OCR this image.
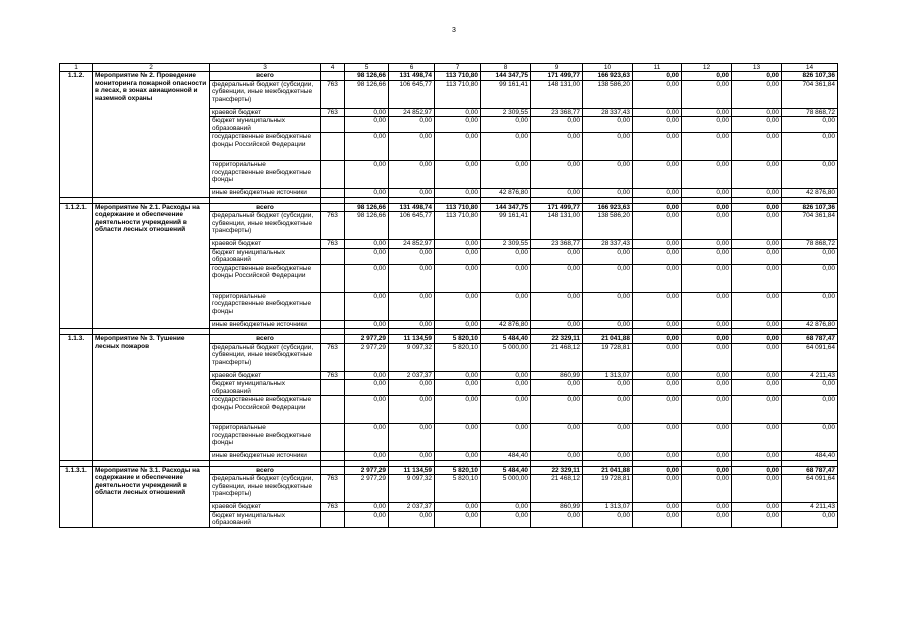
3
1	2	3	4	5	6	7	8	9	10	11	12	13	14
1.1.2.	Мероприятие № 2. Проведение мониторинга пожарной опасности в лесах, в зонах авиационной и наземной охраны	всего		98 126,66	131 498,74	113 710,80	144 347,75	171 499,77	166 923,63	0,00	0,00	0,00	826 107,36
		федеральный бюджет (субсидии, субвенции, иные межбюджетные трансферты)	763	98 126,66	106 645,77	113 710,80	99 161,41	148 131,00	138 586,20	0,00	0,00	0,00	704 361,84
		краевой бюджет	763	0,00	24 852,97	0,00	2 309,55	23 368,77	28 337,43	0,00	0,00	0,00	78 868,72
		бюджет муниципальных образований		0,00	0,00	0,00	0,00	0,00	0,00	0,00	0,00	0,00	0,00
		государственные внебюджетные фонды Российской Федерации		0,00	0,00	0,00	0,00	0,00	0,00	0,00	0,00	0,00	0,00
		территориальные государственные внебюджетные фонды		0,00	0,00	0,00	0,00	0,00	0,00	0,00	0,00	0,00	0,00
		иные внебюджетные источники		0,00	0,00	0,00	42 876,80	0,00	0,00	0,00	0,00	0,00	42 876,80

1.1.2.1.	Мероприятие № 2.1. Расходы на содержание и обеспечение деятельности учреждений в области лесных отношений	всего		98 126,66	131 498,74	113 710,80	144 347,75	171 499,77	166 923,63	0,00	0,00	0,00	826 107,36
		федеральный бюджет (субсидии, субвенции, иные межбюджетные трансферты)	763	98 126,66	106 645,77	113 710,80	99 161,41	148 131,00	138 586,20	0,00	0,00	0,00	704 361,84
		краевой бюджет	763	0,00	24 852,97	0,00	2 309,55	23 368,77	28 337,43	0,00	0,00	0,00	78 868,72
		бюджет муниципальных образований		0,00	0,00	0,00	0,00	0,00	0,00	0,00	0,00	0,00	0,00
		государственные внебюджетные фонды Российской Федерации		0,00	0,00	0,00	0,00	0,00	0,00	0,00	0,00	0,00	0,00
		территориальные государственные внебюджетные фонды		0,00	0,00	0,00	0,00	0,00	0,00	0,00	0,00	0,00	0,00
		иные внебюджетные источники		0,00	0,00	0,00	42 876,80	0,00	0,00	0,00	0,00	0,00	42 876,80

1.1.3.	Мероприятие № 3. Тушение лесных пожаров	всего		2 977,29	11 134,59	5 820,10	5 484,40	22 329,11	21 041,88	0,00	0,00	0,00	68 787,47
		федеральный бюджет (субсидии, субвенции, иные межбюджетные трансферты)	763	2 977,29	9 097,32	5 820,10	5 000,00	21 468,12	19 728,81	0,00	0,00	0,00	64 091,64
		краевой бюджет	763	0,00	2 037,37	0,00	0,00	860,99	1 313,07	0,00	0,00	0,00	4 211,43
		бюджет муниципальных образований		0,00	0,00	0,00	0,00	0,00	0,00	0,00	0,00	0,00	0,00
		государственные внебюджетные фонды Российской Федерации		0,00	0,00	0,00	0,00	0,00	0,00	0,00	0,00	0,00	0,00
		территориальные государственные внебюджетные фонды		0,00	0,00	0,00	0,00	0,00	0,00	0,00	0,00	0,00	0,00
		иные внебюджетные источники		0,00	0,00	0,00	484,40	0,00	0,00	0,00	0,00	0,00	484,40

1.1.3.1.	Мероприятие № 3.1. Расходы на содержание и обеспечение деятельности учреждений в области лесных отношений	всего		2 977,29	11 134,59	5 820,10	5 484,40	22 329,11	21 041,88	0,00	0,00	0,00	68 787,47
		федеральный бюджет (субсидии, субвенции, иные межбюджетные трансферты)	763	2 977,29	9 097,32	5 820,10	5 000,00	21 468,12	19 728,81	0,00	0,00	0,00	64 091,64
		краевой бюджет	763	0,00	2 037,37	0,00	0,00	860,99	1 313,07	0,00	0,00	0,00	4 211,43
		бюджет муниципальных образований		0,00	0,00	0,00	0,00	0,00	0,00	0,00	0,00	0,00	0,00
